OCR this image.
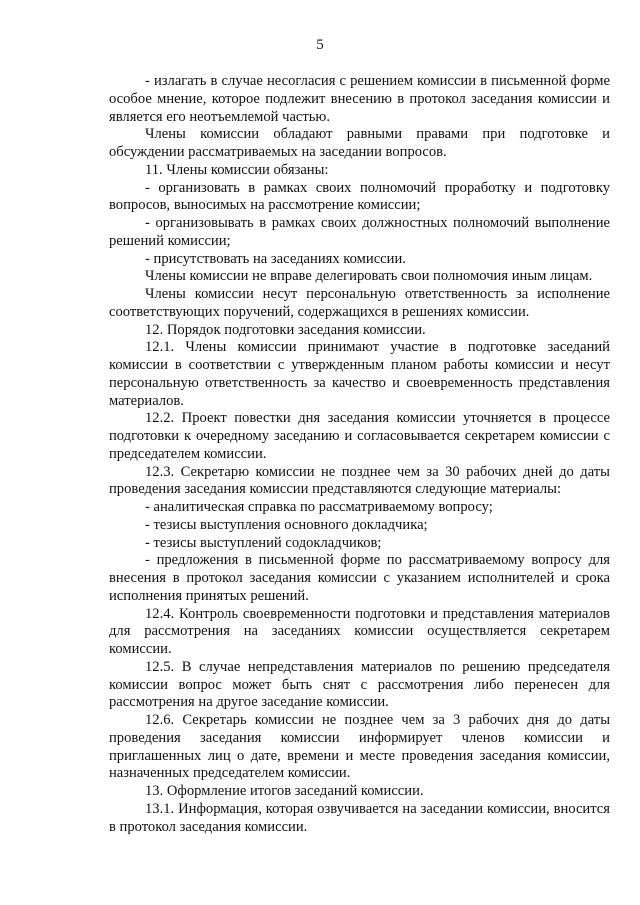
5

- излагать в случае несогласия с решением комиссии в письменной форме особое мнение, которое подлежит внесению в протокол заседания комиссии и является его неотъемлемой частью.

Члены комиссии обладают равными правами при подготовке и обсуждении рассматриваемых на заседании вопросов.

11. Члены комиссии обязаны:

- организовать в рамках своих полномочий проработку и подготовку вопросов, выносимых на рассмотрение комиссии;

- организовывать в рамках своих должностных полномочий выполнение решений комиссии;

- присутствовать на заседаниях комиссии.

Члены комиссии не вправе делегировать свои полномочия иным лицам.

Члены комиссии несут персональную ответственность за исполнение соответствующих поручений, содержащихся в решениях комиссии.

12. Порядок подготовки заседания комиссии.

12.1. Члены комиссии принимают участие в подготовке заседаний комиссии в соответствии с утвержденным планом работы комиссии и несут персональную ответственность за качество и своевременность представления материалов.

12.2. Проект повестки дня заседания комиссии уточняется в процессе подготовки к очередному заседанию и согласовывается секретарем комиссии с председателем комиссии.

12.3. Секретарю комиссии не позднее чем за 30 рабочих дней до даты проведения заседания комиссии представляются следующие материалы:

- аналитическая справка по рассматриваемому вопросу;

- тезисы выступления основного докладчика;

- тезисы выступлений содокладчиков;

- предложения в письменной форме по рассматриваемому вопросу для внесения в протокол заседания комиссии с указанием исполнителей и срока исполнения принятых решений.

12.4. Контроль своевременности подготовки и представления материалов для рассмотрения на заседаниях комиссии осуществляется секретарем комиссии.

12.5. В случае непредставления материалов по решению председателя комиссии вопрос может быть снят с рассмотрения либо перенесен для рассмотрения на другое заседание комиссии.

12.6. Секретарь комиссии не позднее чем за 3 рабочих дня до даты проведения заседания комиссии информирует членов комиссии и приглашенных лиц о дате, времени и месте проведения заседания комиссии, назначенных председателем комиссии.

13. Оформление итогов заседаний комиссии.

13.1. Информация, которая озвучивается на заседании комиссии, вносится в протокол заседания комиссии.
